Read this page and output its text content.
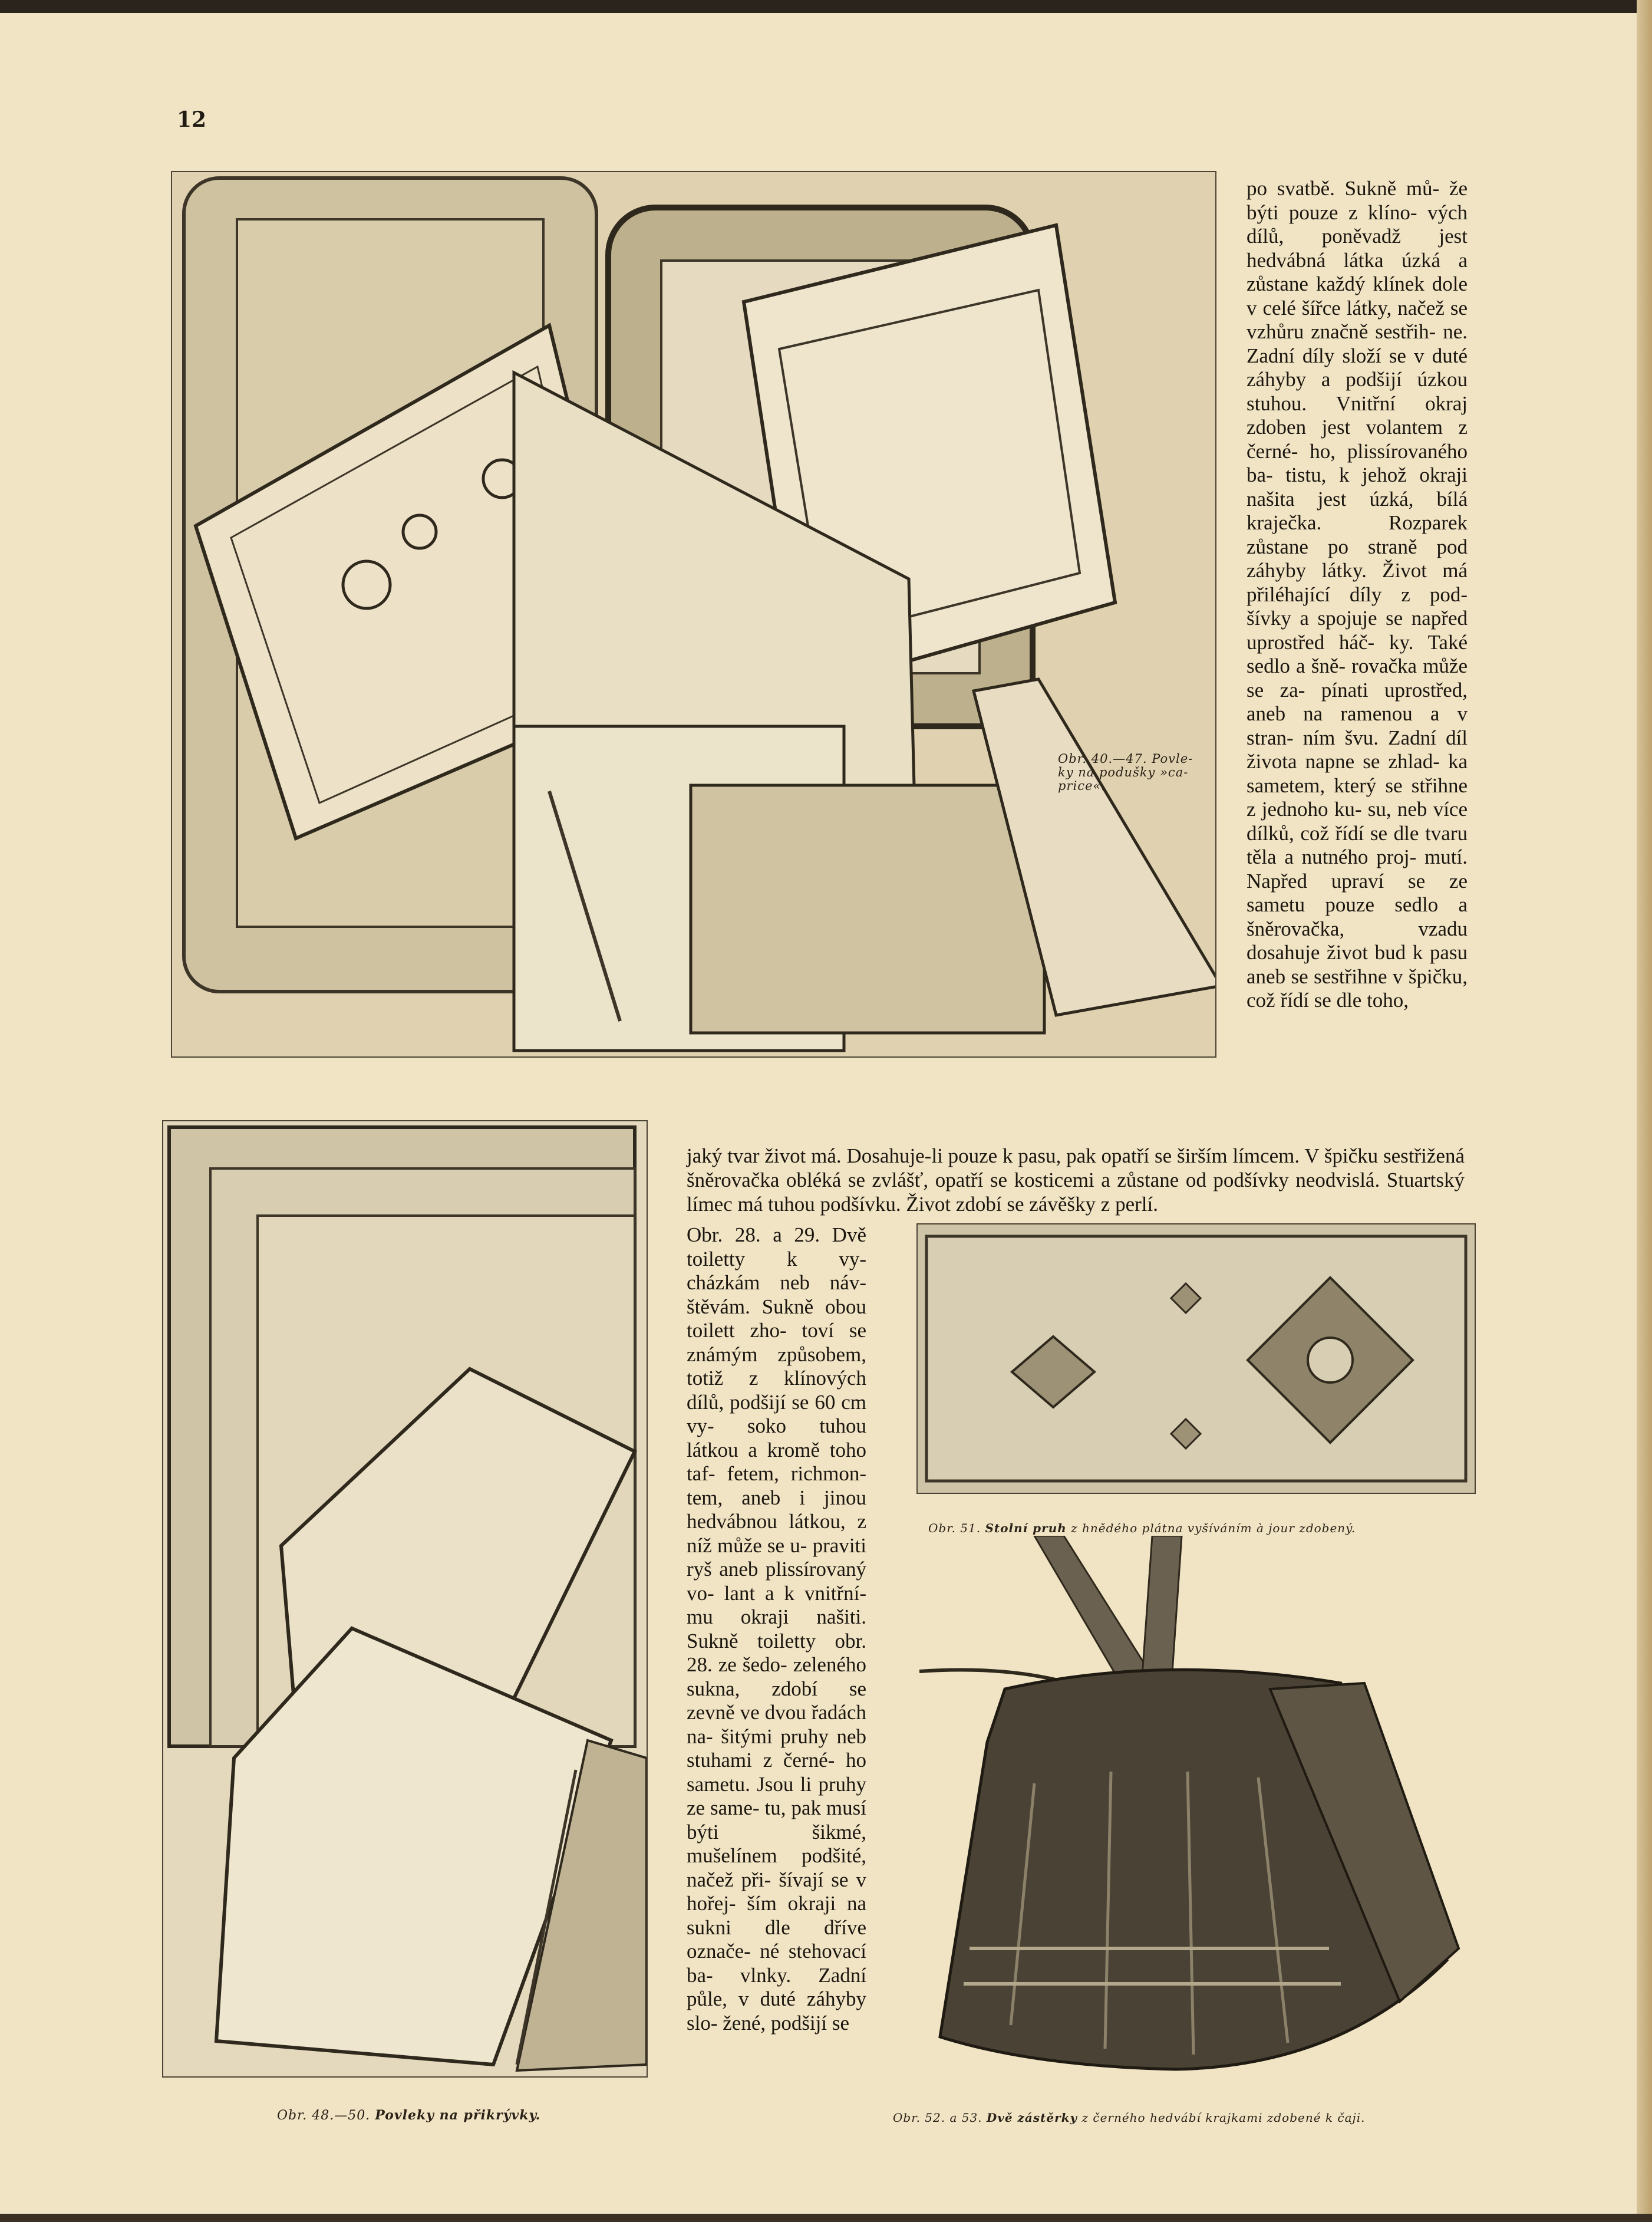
12
Obr. 40.—47. Povle-
ky na podušky »ca-
price«.

po svatbě. Sukně mů- že býti pouze z klíno- vých dílů, poněvadž jest hedvábná látka úzká a zůstane každý klínek dole v celé šířce látky, načež se vzhůru značně sestřih- ne. Zadní díly složí se v duté záhyby a podšijí úzkou stuhou. Vnitřní okraj zdoben jest volantem z černé- ho, plissírovaného ba- tistu, k jehož okraji našita jest úzká, bílá kraječka. Rozparek zůstane po straně pod záhyby látky. Život má přiléhající díly z pod- šívky a spojuje se napřed uprostřed háč- ky. Také sedlo a šně- rovačka může se za- pínati uprostřed, aneb na ramenou a v stran- ním švu. Zadní díl života napne se zhlad- ka sametem, který se střihne z jednoho ku- su, neb více dílků, což řídí se dle tvaru těla a nutného proj- mutí. Napřed upraví se ze sametu pouze sedlo a šněrovačka, vzadu dosahuje život bud k pasu aneb se sestřihne v špičku, což řídí se dle toho,

jaký tvar život má. Dosahuje-li pouze k pasu, pak opatří se širším límcem. V špičku sestřižená šněrovačka obléká se zvlášť, opatří se kosticemi a zůstane od podšívky neodvislá. Stuartský límec má tuhou podšívku. Život zdobí se závěšky z perlí.

Obr. 48.—50. Povleky na přikrývky.

Obr. 28. a 29. Dvě toiletty k vy- cházkám neb náv- štěvám. Sukně obou toilett zho- toví se známým způsobem, totiž z klínových dílů, podšijí se 60 cm vy- soko tuhou látkou a kromě toho taf- fetem, richmon- tem, aneb i jinou hedvábnou látkou, z níž může se u- praviti ryš aneb plissírovaný vo- lant a k vnitřní- mu okraji našiti. Sukně toiletty obr. 28. ze šedo- zeleného sukna, zdobí se zevně ve dvou řadách na- šitými pruhy neb stuhami z černé- ho sametu. Jsou li pruhy ze same- tu, pak musí býti šikmé, mušelínem podšité, načež při- šívají se v hořej- ším okraji na sukni dle dříve označe- né stehovací ba- vlnky. Zadní půle, v duté záhyby slo- žené, podšijí se

Obr. 51. Stolní pruh z hnědého plátna vyšíváním à jour zdobený.
Obr. 52. a 53. Dvě zástěrky z černého hedvábí krajkami zdobené k čaji.
